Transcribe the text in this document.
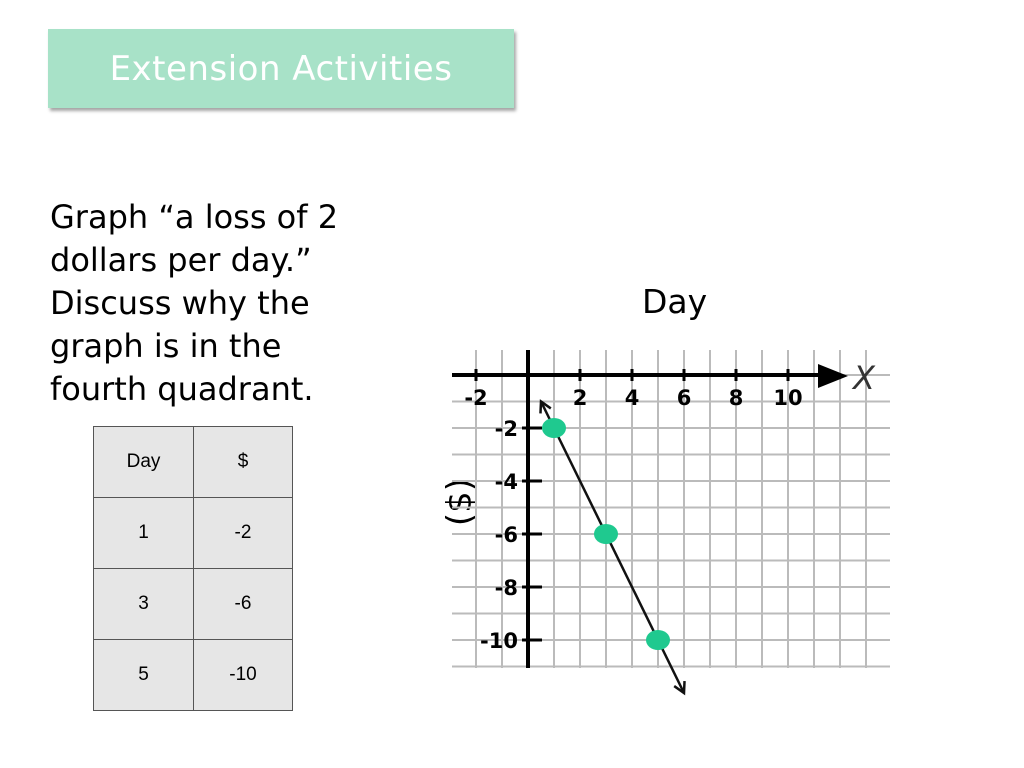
Extension Activities
Graph “a loss of 2
dollars per day.”
Discuss why the
graph is in the
fourth quadrant.
Day	$
1	-2
3	-6
5	-10
Day
($)
X
-2	2 4 6 8 10
-2
-4
-6
-8
-10
